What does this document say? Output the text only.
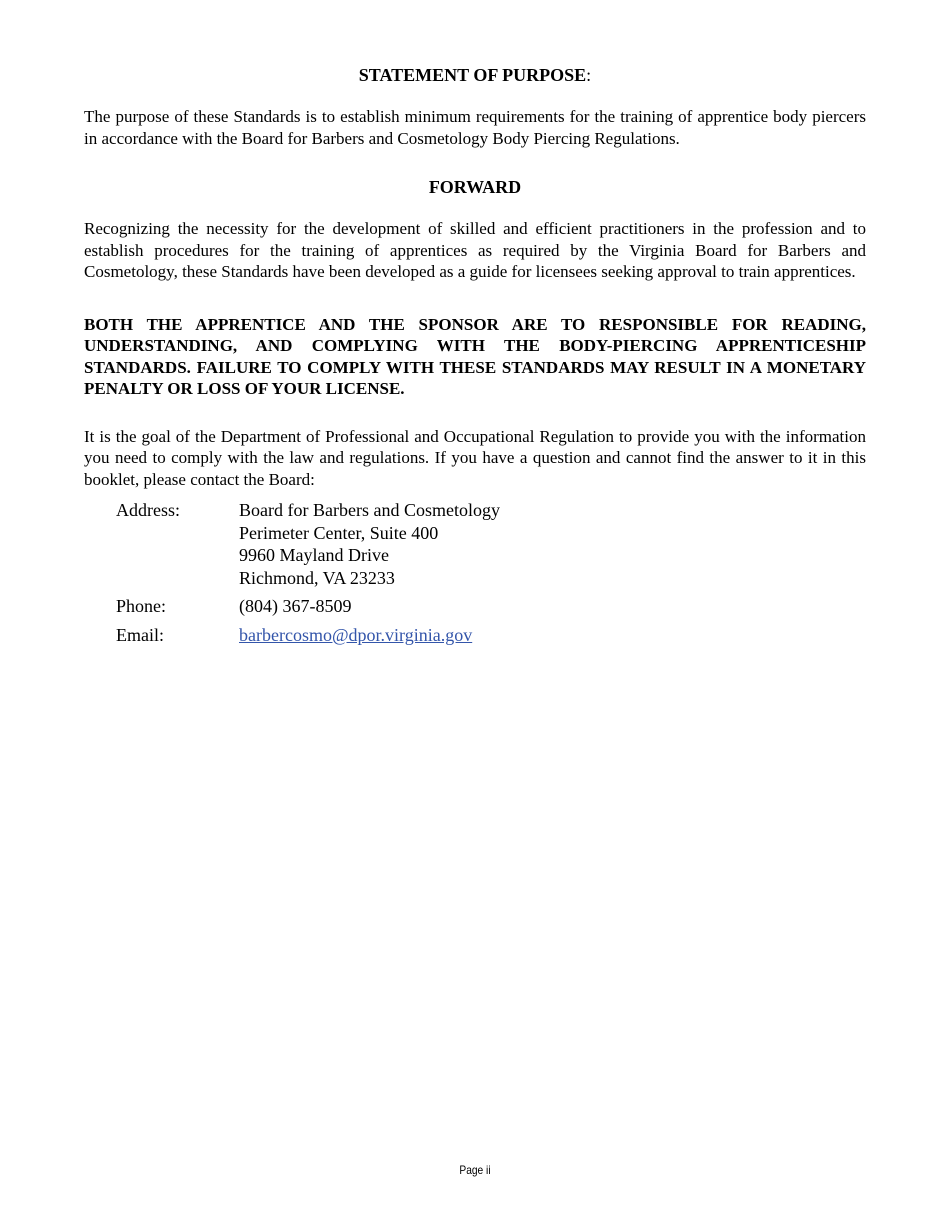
STATEMENT OF PURPOSE:

The purpose of these Standards is to establish minimum requirements for the training of apprentice body piercers in accordance with the Board for Barbers and Cosmetology Body Piercing Regulations.

FORWARD

Recognizing the necessity for the development of skilled and efficient practitioners in the profession and to establish procedures for the training of apprentices as required by the Virginia Board for Barbers and Cosmetology, these Standards have been developed as a guide for licensees seeking approval to train apprentices.

BOTH THE APPRENTICE AND THE SPONSOR ARE TO RESPONSIBLE FOR READING, UNDERSTANDING, AND COMPLYING WITH THE BODY-PIERCING APPRENTICESHIP STANDARDS. FAILURE TO COMPLY WITH THESE STANDARDS MAY RESULT IN A MONETARY PENALTY OR LOSS OF YOUR LICENSE.

It is the goal of the Department of Professional and Occupational Regulation to provide you with the information you need to comply with the law and regulations. If you have a question and cannot find the answer to it in this booklet, please contact the Board:

Address:	Board for Barbers and Cosmetology
Perimeter Center, Suite 400
9960 Mayland Drive
Richmond, VA 23233
Phone:	(804) 367-8509
Email:	barbercosmo@dpor.virginia.gov
Page ii
